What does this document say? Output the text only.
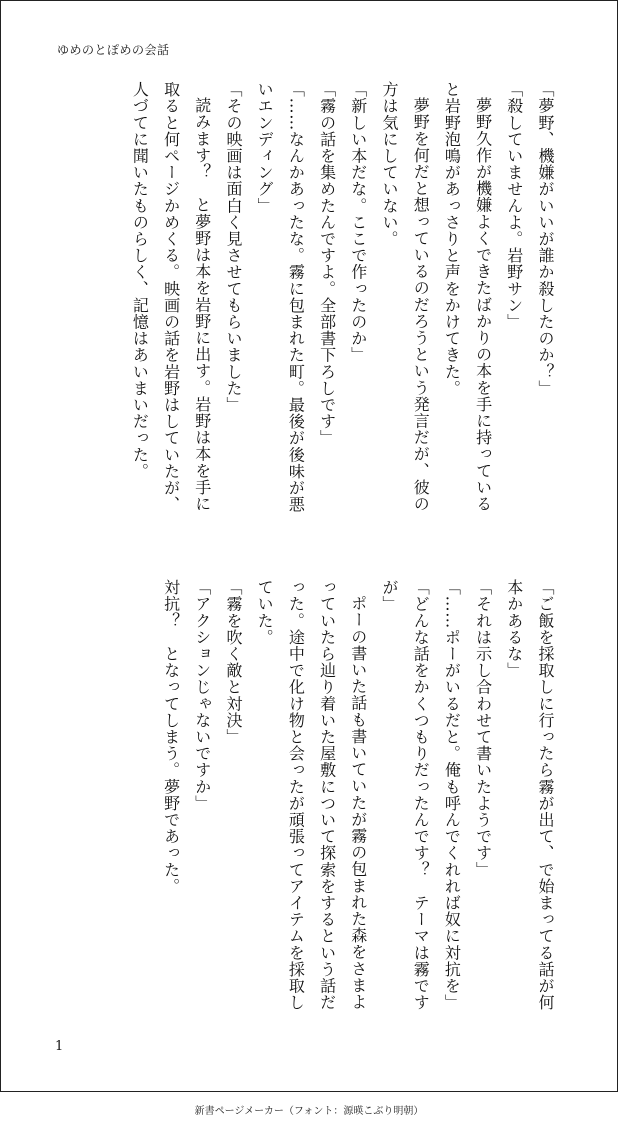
ゆめのとぽめの会話

「夢野、機嫌がいいが誰か殺したのか？」

「殺していませんよ。岩野サン」

夢野久作が機嫌よくできたばかりの本を手に持っていると岩野泡鳴があっさりと声をかけてきた。

夢野を何だと想っているのだろうという発言だが、彼の方は気にしていない。

「新しい本だな。ここで作ったのか」

「霧の話を集めたんですよ。全部書下ろしです」

「……なんかあったな。霧に包まれた町。最後が後味が悪いエンディング」

「その映画は面白く見させてもらいました」

読みます？　と夢野は本を岩野に出す。岩野は本を手に取ると何ページかめくる。映画の話を岩野はしていたが、人づてに聞いたものらしく、記憶はあいまいだった。

「ご飯を採取しに行ったら霧が出て、で始まってる話が何本かあるな」

「それは示し合わせて書いたようです」

「……ポーがいるだと。俺も呼んでくれれば奴に対抗を」

「どんな話をかくつもりだったんです？　テーマは霧ですが」

ポーの書いた話も書いていたが霧の包まれた森をさまよっていたら辿り着いた屋敷について探索をするという話だった。途中で化け物と会ったが頑張ってアイテムを採取していた。

「霧を吹く敵と対決」

「アクションじゃないですか」

対抗？　となってしまう。夢野であった。

1
新書ページメーカー（フォント：源暎こぶり明朝）
